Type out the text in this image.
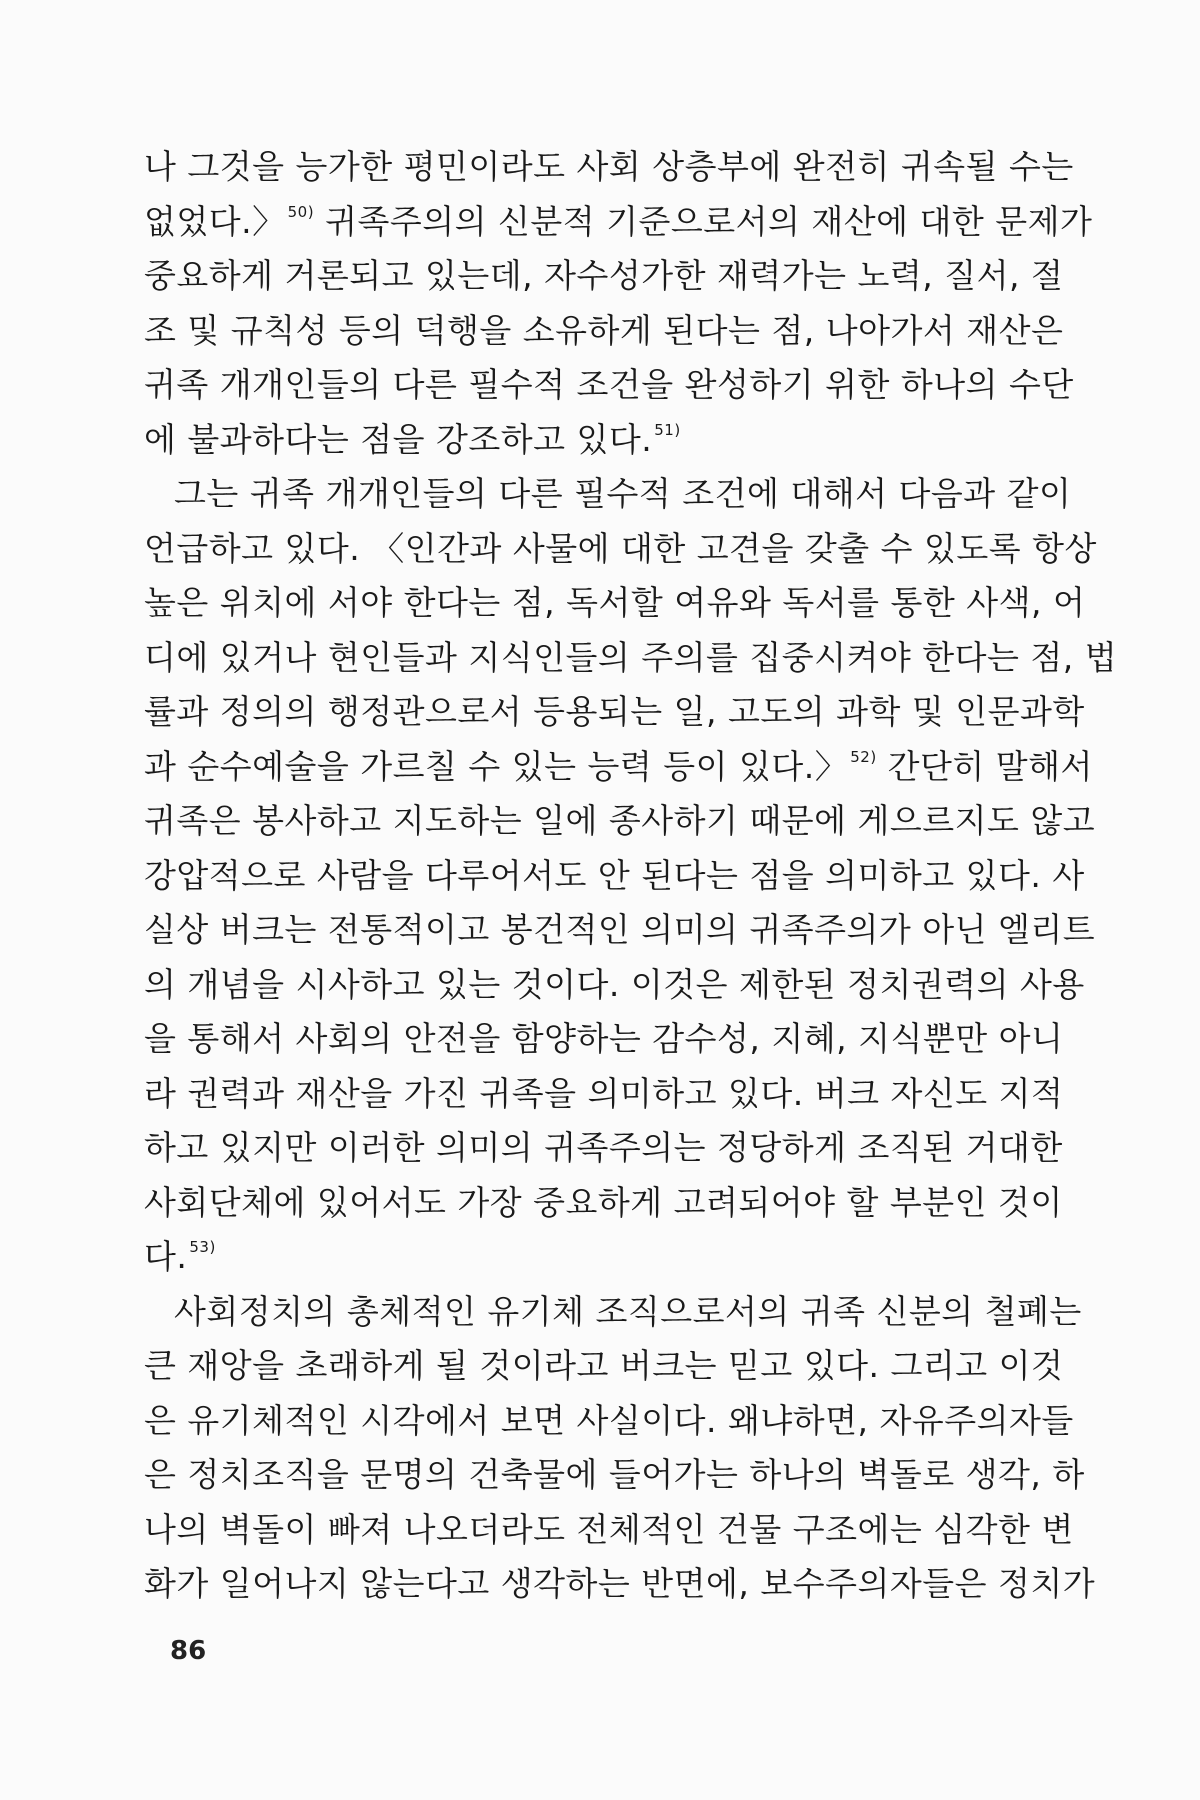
나 그것을 능가한 평민이라도 사회 상층부에 완전히 귀속될 수는
없었다.〉 $^{50)}$ 귀족주의의 신분적 기준으로서의 재산에 대한 문제가
중요하게 거론되고 있는데, 자수성가한 재력가는 노력, 질서, 절
조 및 규칙성 등의 덕행을 소유하게 된다는 점, 나아가서 재산은
귀족 개개인들의 다른 필수적 조건을 완성하기 위한 하나의 수단
에 불과하다는 점을 강조하고 있다. $^{51)}$
그는 귀족 개개인들의 다른 필수적 조건에 대해서 다음과 같이
언급하고 있다. 〈인간과 사물에 대한 고견을 갖출 수 있도록 항상
높은 위치에 서야 한다는 점, 독서할 여유와 독서를 통한 사색, 어
디에 있거나 현인들과 지식인들의 주의를 집중시켜야 한다는 점, 법
률과 정의의 행정관으로서 등용되는 일, 고도의 과학 및 인문과학
과 순수예술을 가르칠 수 있는 능력 등이 있다.〉 $^{52)}$ 간단히 말해서
귀족은 봉사하고 지도하는 일에 종사하기 때문에 게으르지도 않고
강압적으로 사람을 다루어서도 안 된다는 점을 의미하고 있다. 사
실상 버크는 전통적이고 봉건적인 의미의 귀족주의가 아닌 엘리트
의 개념을 시사하고 있는 것이다. 이것은 제한된 정치권력의 사용
을 통해서 사회의 안전을 함양하는 감수성, 지혜, 지식뿐만 아니
라 권력과 재산을 가진 귀족을 의미하고 있다. 버크 자신도 지적
하고 있지만 이러한 의미의 귀족주의는 정당하게 조직된 거대한
사회단체에 있어서도 가장 중요하게 고려되어야 할 부분인 것이
다. $^{53)}$
사회정치의 총체적인 유기체 조직으로서의 귀족 신분의 철폐는
큰 재앙을 초래하게 될 것이라고 버크는 믿고 있다. 그리고 이것
은 유기체적인 시각에서 보면 사실이다. 왜냐하면, 자유주의자들
은 정치조직을 문명의 건축물에 들어가는 하나의 벽돌로 생각, 하
나의 벽돌이 빠져 나오더라도 전체적인 건물 구조에는 심각한 변
화가 일어나지 않는다고 생각하는 반면에, 보수주의자들은 정치가
86
